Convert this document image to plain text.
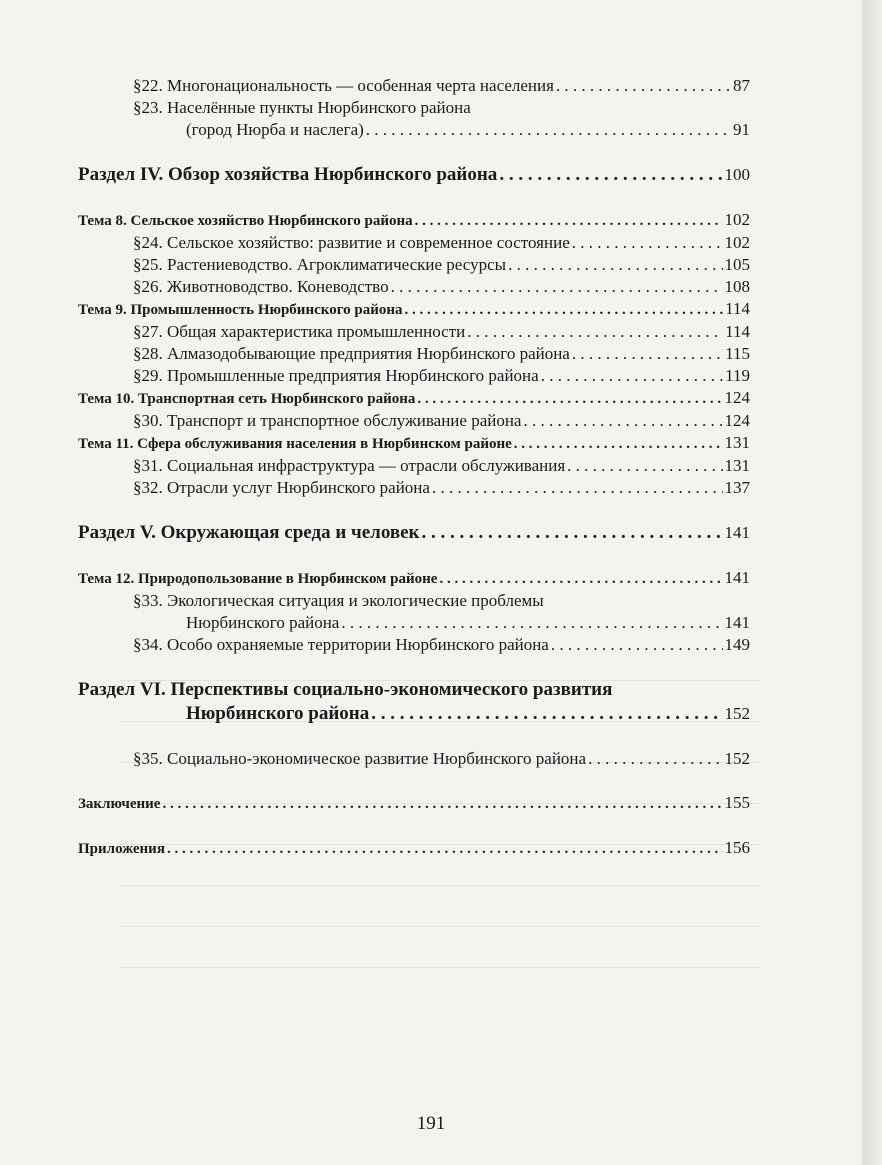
§22. Многонациональность — особенная черта населения . . .	87
§23. Населённые пункты Нюрбинского района
(город Нюрба и наслега) . . .	91
Раздел IV. Обзор хозяйства Нюрбинского района . . .	100
Тема 8. Сельское хозяйство Нюрбинского района . . .	102
§24. Сельское хозяйство: развитие и современное состояние . . .	102
§25. Растениеводство. Агроклиматические ресурсы . . .	105
§26. Животноводство. Коневодство . . .	108
Тема 9. Промышленность Нюрбинского района . . .	114
§27. Общая характеристика промышленности . . .	114
§28. Алмазодобывающие предприятия Нюрбинского района . . .	115
§29. Промышленные предприятия Нюрбинского района . . .	119
Тема 10. Транспортная сеть Нюрбинского района . . .	124
§30. Транспорт и транспортное обслуживание района . . .	124
Тема 11. Сфера обслуживания населения в Нюрбинском районе . . .	131
§31. Социальная инфраструктура — отрасли обслуживания . . .	131
§32. Отрасли услуг Нюрбинского района . . .	137
Раздел V. Окружающая среда и человек . . .	141
Тема 12. Природопользование в Нюрбинском районе . . .	141
§33. Экологическая ситуация и экологические проблемы
Нюрбинского района . . .	141
§34. Особо охраняемые территории Нюрбинского района . . .	149
Раздел VI. Перспективы социально-экономического развития
Нюрбинского района . . .	152
§35. Социально-экономическое развитие Нюрбинского района . . .	152
Заключение . . .	155
Приложения . . .	156
191
